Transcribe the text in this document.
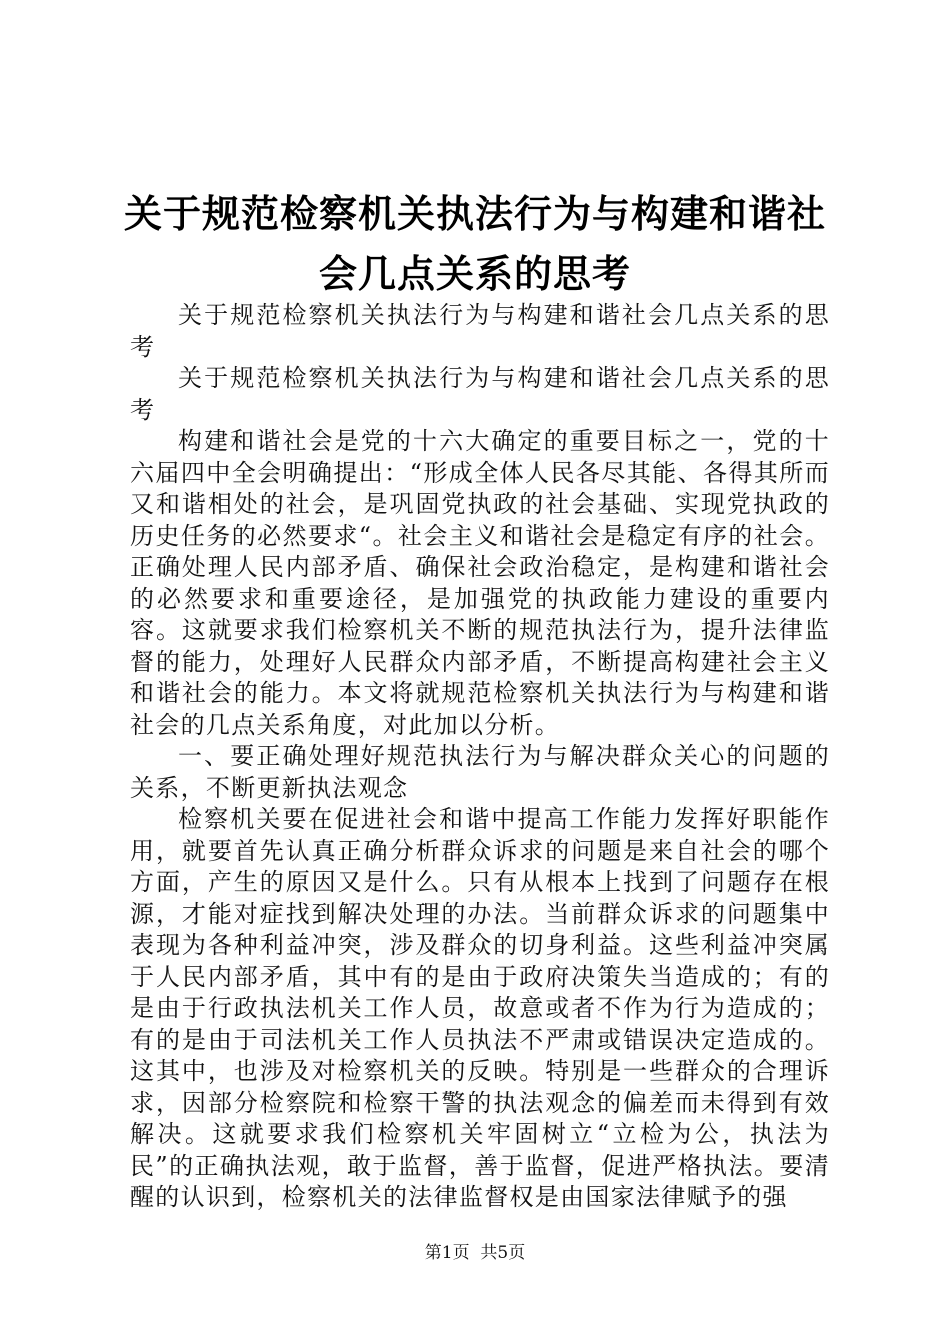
关于规范检察机关执法行为与构建和谐社会几点关系的思考

关于规范检察机关执法行为与构建和谐社会几点关系的思考

关于规范检察机关执法行为与构建和谐社会几点关系的思考

构建和谐社会是党的十六大确定的重要目标之一，党的十六届四中全会明确提出：“形成全体人民各尽其能、各得其所而又和谐相处的社会，是巩固党执政的社会基础、实现党执政的历史任务的必然要求“。社会主义和谐社会是稳定有序的社会。正确处理人民内部矛盾、确保社会政治稳定，是构建和谐社会的必然要求和重要途径，是加强党的执政能力建设的重要内容。这就要求我们检察机关不断的规范执法行为，提升法律监督的能力，处理好人民群众内部矛盾，不断提高构建社会主义和谐社会的能力。本文将就规范检察机关执法行为与构建和谐社会的几点关系角度，对此加以分析。

一、要正确处理好规范执法行为与解决群众关心的问题的关系，不断更新执法观念

检察机关要在促进社会和谐中提高工作能力发挥好职能作用，就要首先认真正确分析群众诉求的问题是来自社会的哪个方面，产生的原因又是什么。只有从根本上找到了问题存在根源，才能对症找到解决处理的办法。当前群众诉求的问题集中表现为各种利益冲突，涉及群众的切身利益。这些利益冲突属于人民内部矛盾，其中有的是由于政府决策失当造成的；有的是由于行政执法机关工作人员，故意或者不作为行为造成的；有的是由于司法机关工作人员执法不严肃或错误决定造成的。这其中，也涉及对检察机关的反映。特别是一些群众的合理诉求，因部分检察院和检察干警的执法观念的偏差而未得到有效解决。这就要求我们检察机关牢固树立“立检为公，执法为民”的正确执法观，敢于监督，善于监督，促进严格执法。要清醒的认识到，检察机关的法律监督权是由国家法律赋予的强

第1页  共5页
